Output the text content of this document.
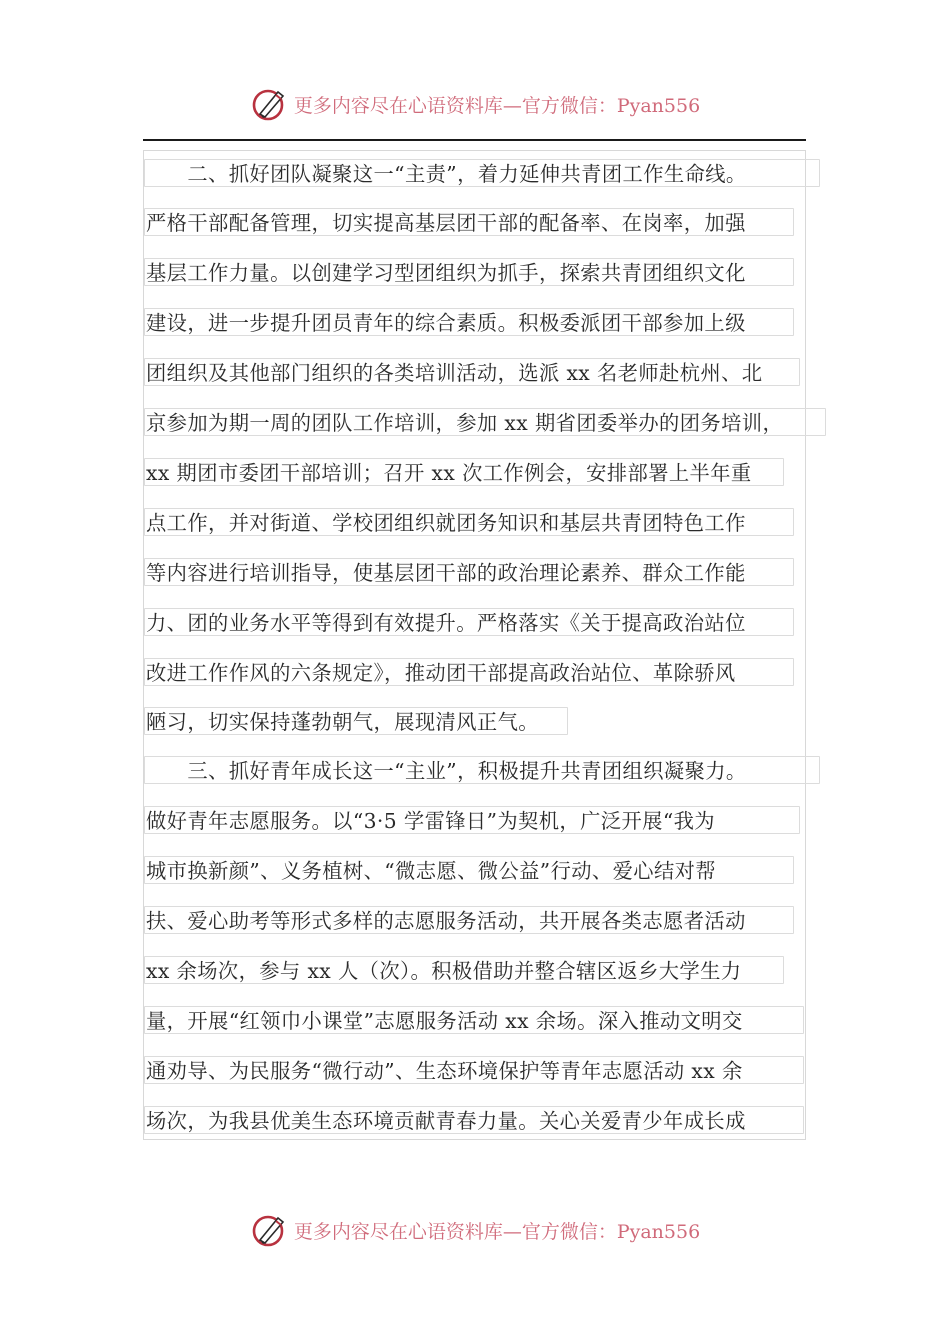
更多内容尽在心语资料库—官方微信：Pyan556
　　二、抓好团队凝聚这一“主责”，着力延伸共青团工作生命线。
严格干部配备管理，切实提高基层团干部的配备率、在岗率，加强
基层工作力量。以创建学习型团组织为抓手，探索共青团组织文化
建设，进一步提升团员青年的综合素质。积极委派团干部参加上级
团组织及其他部门组织的各类培训活动，选派 xx 名老师赴杭州、北
京参加为期一周的团队工作培训，参加 xx 期省团委举办的团务培训，
xx 期团市委团干部培训；召开 xx 次工作例会，安排部署上半年重
点工作，并对街道、学校团组织就团务知识和基层共青团特色工作
等内容进行培训指导，使基层团干部的政治理论素养、群众工作能
力、团的业务水平等得到有效提升。严格落实《关于提高政治站位
改进工作作风的六条规定》，推动团干部提高政治站位、革除骄风
陋习，切实保持蓬勃朝气，展现清风正气。
　　三、抓好青年成长这一“主业”，积极提升共青团组织凝聚力。
做好青年志愿服务。以“3·5 学雷锋日”为契机，广泛开展“我为
城市换新颜”、义务植树、“微志愿、微公益”行动、爱心结对帮
扶、爱心助考等形式多样的志愿服务活动，共开展各类志愿者活动
xx 余场次，参与 xx 人（次）。积极借助并整合辖区返乡大学生力
量，开展“红领巾小课堂”志愿服务活动 xx 余场。深入推动文明交
通劝导、为民服务“微行动”、生态环境保护等青年志愿活动 xx 余
场次，为我县优美生态环境贡献青春力量。关心关爱青少年成长成
更多内容尽在心语资料库—官方微信：Pyan556
